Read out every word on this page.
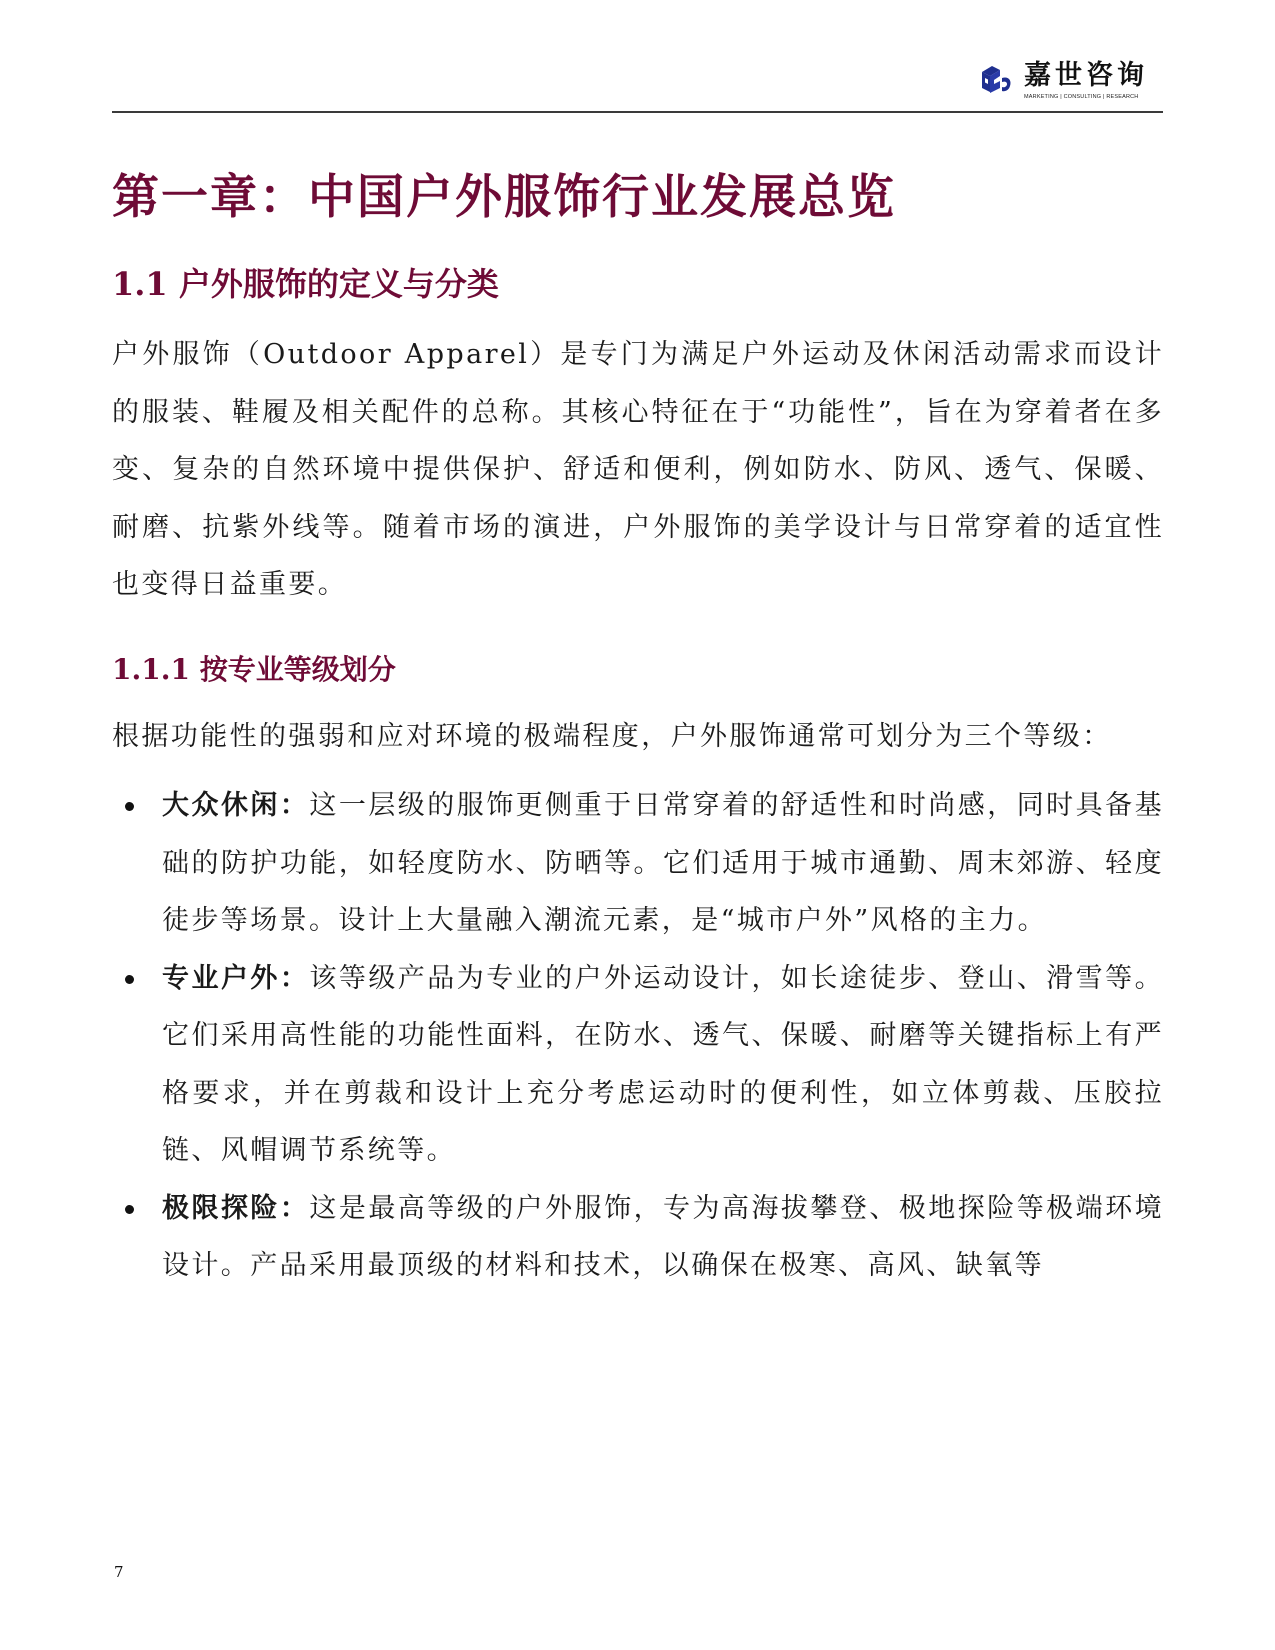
嘉世咨询
MARKETING | CONSULTING | RESEARCH
第一章：中国户外服饰行业发展总览
1.1 户外服饰的定义与分类

户外服饰（Outdoor Apparel）是专门为满足户外运动及休闲活动需求而设计的服装、鞋履及相关配件的总称。其核心特征在于“功能性”，旨在为穿着者在多变、复杂的自然环境中提供保护、舒适和便利，例如防水、防风、透气、保暖、耐磨、抗紫外线等。随着市场的演进，户外服饰的美学设计与日常穿着的适宜性也变得日益重要。

1.1.1 按专业等级划分

根据功能性的强弱和应对环境的极端程度，户外服饰通常可划分为三个等级：

大众休闲：这一层级的服饰更侧重于日常穿着的舒适性和时尚感，同时具备基础的防护功能，如轻度防水、防晒等。它们适用于城市通勤、周末郊游、轻度徒步等场景。设计上大量融入潮流元素，是“城市户外”风格的主力。
专业户外：该等级产品为专业的户外运动设计，如长途徒步、登山、滑雪等。它们采用高性能的功能性面料，在防水、透气、保暖、耐磨等关键指标上有严格要求，并在剪裁和设计上充分考虑运动时的便利性，如立体剪裁、压胶拉链、风帽调节系统等。
极限探险：这是最高等级的户外服饰，专为高海拔攀登、极地探险等极端环境设计。产品采用最顶级的材料和技术，以确保在极寒、高风、缺氧等
7
